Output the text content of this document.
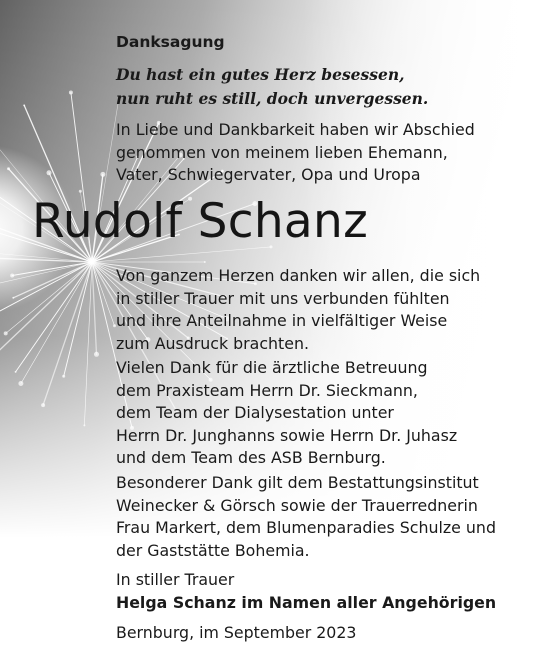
Danksagung

Du hast ein gutes Herz besessen,
nun ruht es still, doch unvergessen.

In Liebe und Dankbarkeit haben wir Abschied
genommen von meinem lieben Ehemann,
Vater, Schwiegervater, Opa und Uropa

Rudolf Schanz

Von ganzem Herzen danken wir allen, die sich
in stiller Trauer mit uns verbunden fühlten
und ihre Anteilnahme in vielfältiger Weise
zum Ausdruck brachten.

Vielen Dank für die ärztliche Betreuung
dem Praxisteam Herrn Dr. Sieckmann,
dem Team der Dialysestation unter
Herrn Dr. Junghanns sowie Herrn Dr. Juhasz
und dem Team des ASB Bernburg.

Besonderer Dank gilt dem Bestattungsinstitut
Weinecker & Görsch sowie der Trauerrednerin
Frau Markert, dem Blumenparadies Schulze und
der Gaststätte Bohemia.

In stiller Trauer

Helga Schanz im Namen aller Angehörigen

Bernburg, im September 2023
